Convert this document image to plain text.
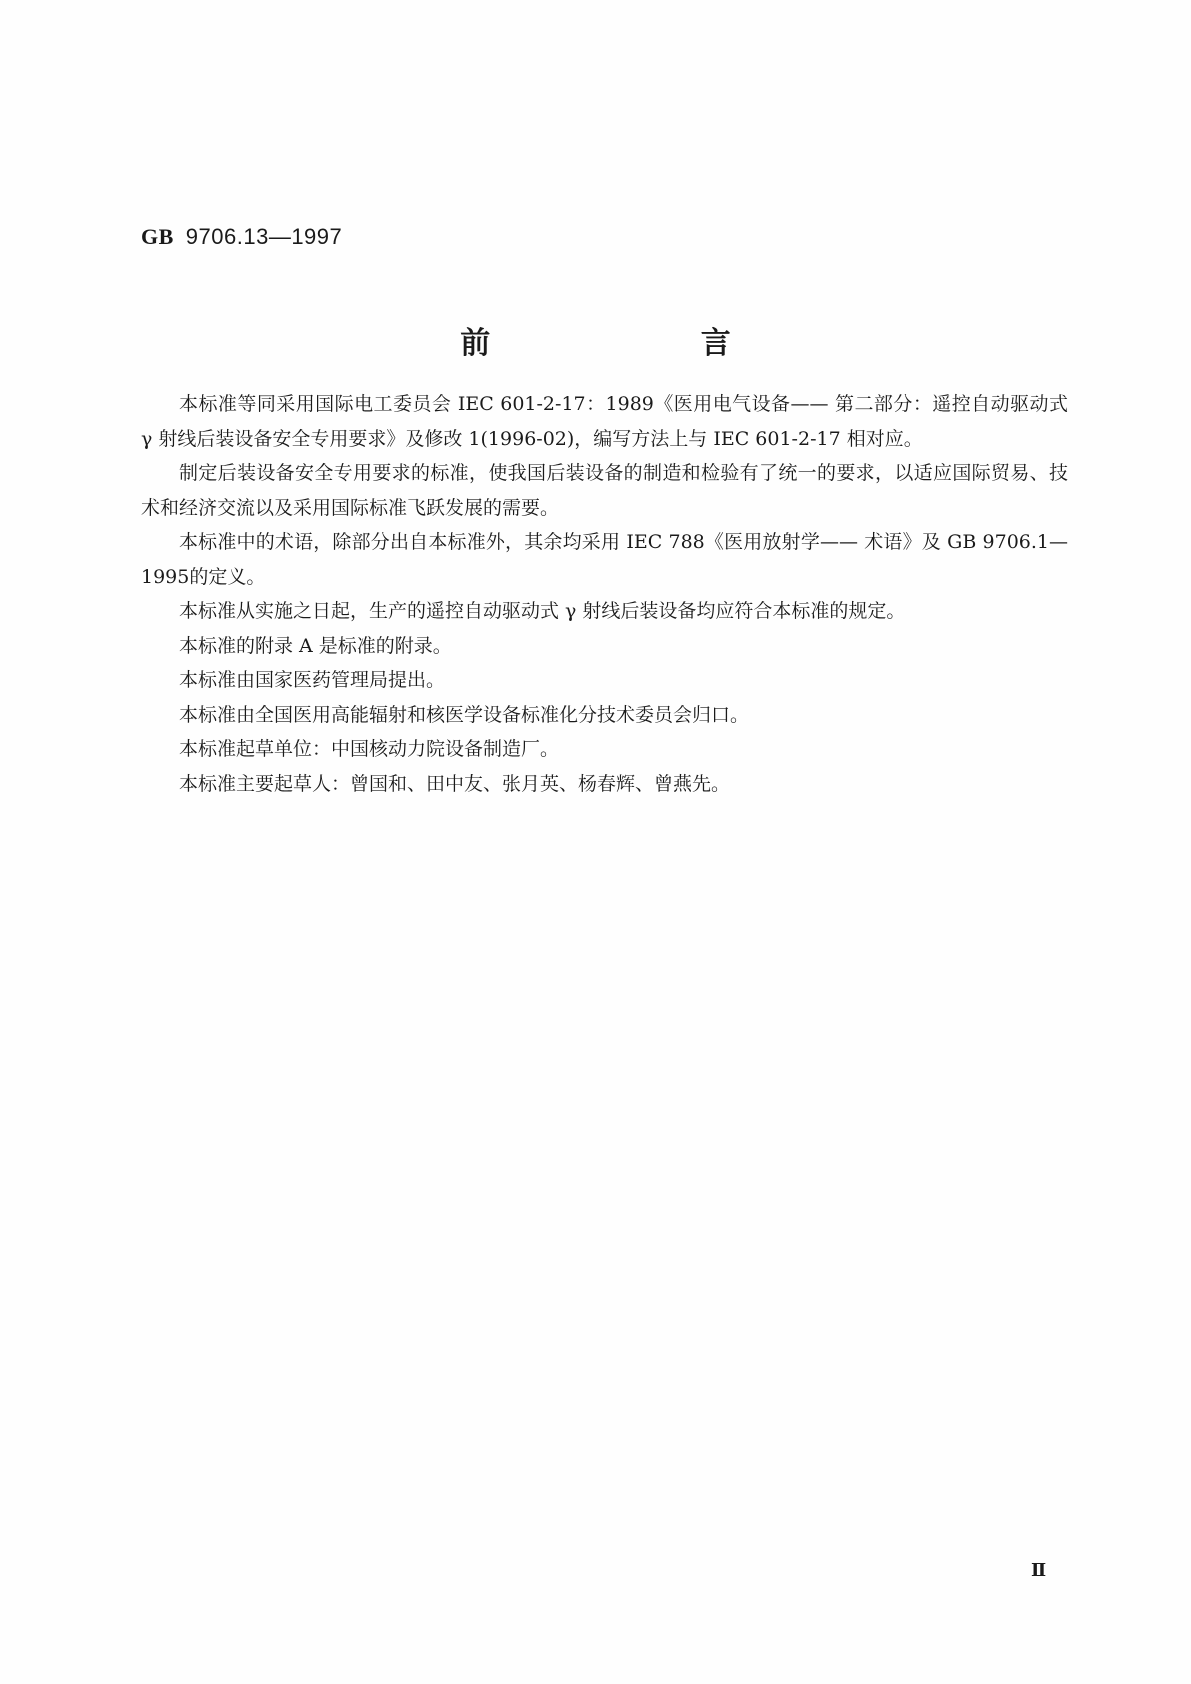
GB 9706.13—1997
前 言

本标准等同采用国际电工委员会 IEC 601-2-17：1989《医用电气设备—— 第二部分：遥控自动驱动式 γ 射线后装设备安全专用要求》及修改 1(1996-02)，编写方法上与 IEC 601-2-17 相对应。

制定后装设备安全专用要求的标准，使我国后装设备的制造和检验有了统一的要求，以适应国际贸易、技术和经济交流以及采用国际标准飞跃发展的需要。

本标准中的术语，除部分出自本标准外，其余均采用 IEC 788《医用放射学—— 术语》及 GB 9706.1—1995的定义。

本标准从实施之日起，生产的遥控自动驱动式 γ 射线后装设备均应符合本标准的规定。

本标准的附录 A 是标准的附录。

本标准由国家医药管理局提出。

本标准由全国医用高能辐射和核医学设备标准化分技术委员会归口。

本标准起草单位：中国核动力院设备制造厂。

本标准主要起草人：曾国和、田中友、张月英、杨春辉、曾燕先。

Ⅱ
